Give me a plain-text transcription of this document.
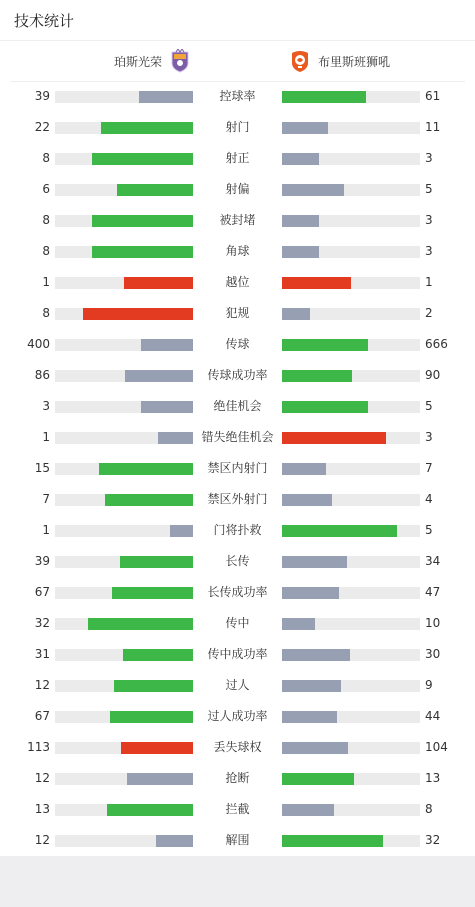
技术统计
珀斯光荣	布里斯班狮吼
39	控球率	61
22	射门	11
8	射正	3
6	射偏	5
8	被封堵	3
8	角球	3
1	越位	1
8	犯规	2
400	传球	666
86	传球成功率	90
3	绝佳机会	5
1	错失绝佳机会	3
15	禁区内射门	7
7	禁区外射门	4
1	门将扑救	5
39	长传	34
67	长传成功率	47
32	传中	10
31	传中成功率	30
12	过人	9
67	过人成功率	44
113	丢失球权	104
12	抢断	13
13	拦截	8
12	解围	32
